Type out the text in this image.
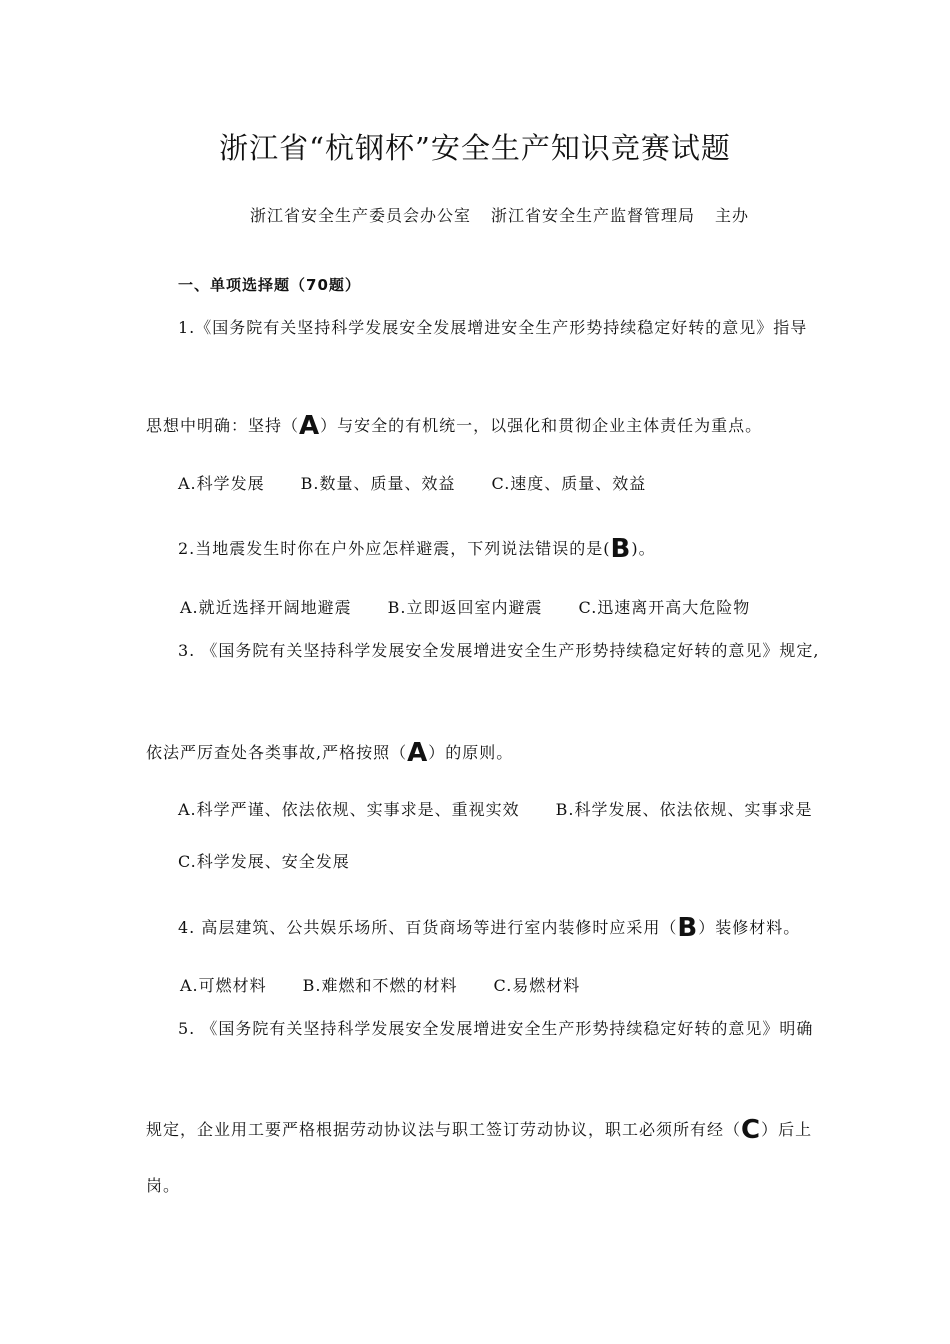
浙江省“杭钢杯”安全生产知识竞赛试题
浙江省安全生产委员会办公室 浙江省安全生产监督管理局 主办
一、单项选择题（70题）
1.《国务院有关坚持科学发展安全发展增进安全生产形势持续稳定好转的意见》指导
思想中明确：坚持（A）与安全的有机统一，以强化和贯彻企业主体责任为重点。
A.科学发展 B.数量、质量、效益 C.速度、质量、效益
2.当地震发生时你在户外应怎样避震，下列说法错误的是(B)。
A.就近选择开阔地避震 B.立即返回室内避震 C.迅速离开高大危险物
3. 《国务院有关坚持科学发展安全发展增进安全生产形势持续稳定好转的意见》规定,
依法严厉查处各类事故,严格按照（A）的原则。
A.科学严谨、依法依规、实事求是、重视实效 B.科学发展、依法依规、实事求是
C.科学发展、安全发展
4. 高层建筑、公共娱乐场所、百货商场等进行室内装修时应采用（B）装修材料。
A.可燃材料 B.难燃和不燃的材料 C.易燃材料
5. 《国务院有关坚持科学发展安全发展增进安全生产形势持续稳定好转的意见》明确
规定，企业用工要严格根据劳动协议法与职工签订劳动协议，职工必须所有经（C）后上
岗。
